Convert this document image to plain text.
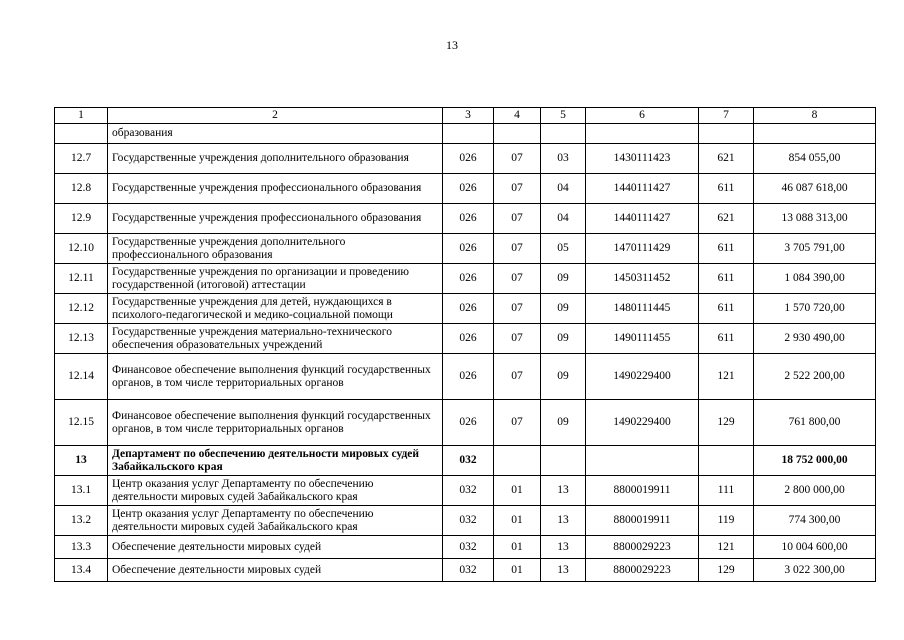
13
1	2	3	4	5	6	7	8
	образования						
12.7	Государственные учреждения дополнительного образования	026	07	03	1430111423	621	854 055,00
12.8	Государственные учреждения профессионального образования	026	07	04	1440111427	611	46 087 618,00
12.9	Государственные учреждения профессионального образования	026	07	04	1440111427	621	13 088 313,00
12.10	Государственные учреждения дополнительного профессионального образования	026	07	05	1470111429	611	3 705 791,00
12.11	Государственные учреждения по организации и проведению государственной (итоговой) аттестации	026	07	09	1450311452	611	1 084 390,00
12.12	Государственные учреждения для детей, нуждающихся в психолого-педагогической и медико-социальной помощи	026	07	09	1480111445	611	1 570 720,00
12.13	Государственные учреждения материально-технического обеспечения образовательных учреждений	026	07	09	1490111455	611	2 930 490,00
12.14	Финансовое обеспечение выполнения функций государственных органов, в том числе территориальных органов	026	07	09	1490229400	121	2 522 200,00
12.15	Финансовое обеспечение выполнения функций государственных органов, в том числе территориальных органов	026	07	09	1490229400	129	761 800,00
13	Департамент по обеспечению деятельности мировых судей Забайкальского края	032					18 752 000,00
13.1	Центр оказания услуг Департаменту по обеспечению деятельности мировых судей Забайкальского края	032	01	13	8800019911	111	2 800 000,00
13.2	Центр оказания услуг Департаменту по обеспечению деятельности мировых судей Забайкальского края	032	01	13	8800019911	119	774 300,00
13.3	Обеспечение деятельности мировых судей	032	01	13	8800029223	121	10 004 600,00
13.4	Обеспечение деятельности мировых судей	032	01	13	8800029223	129	3 022 300,00
